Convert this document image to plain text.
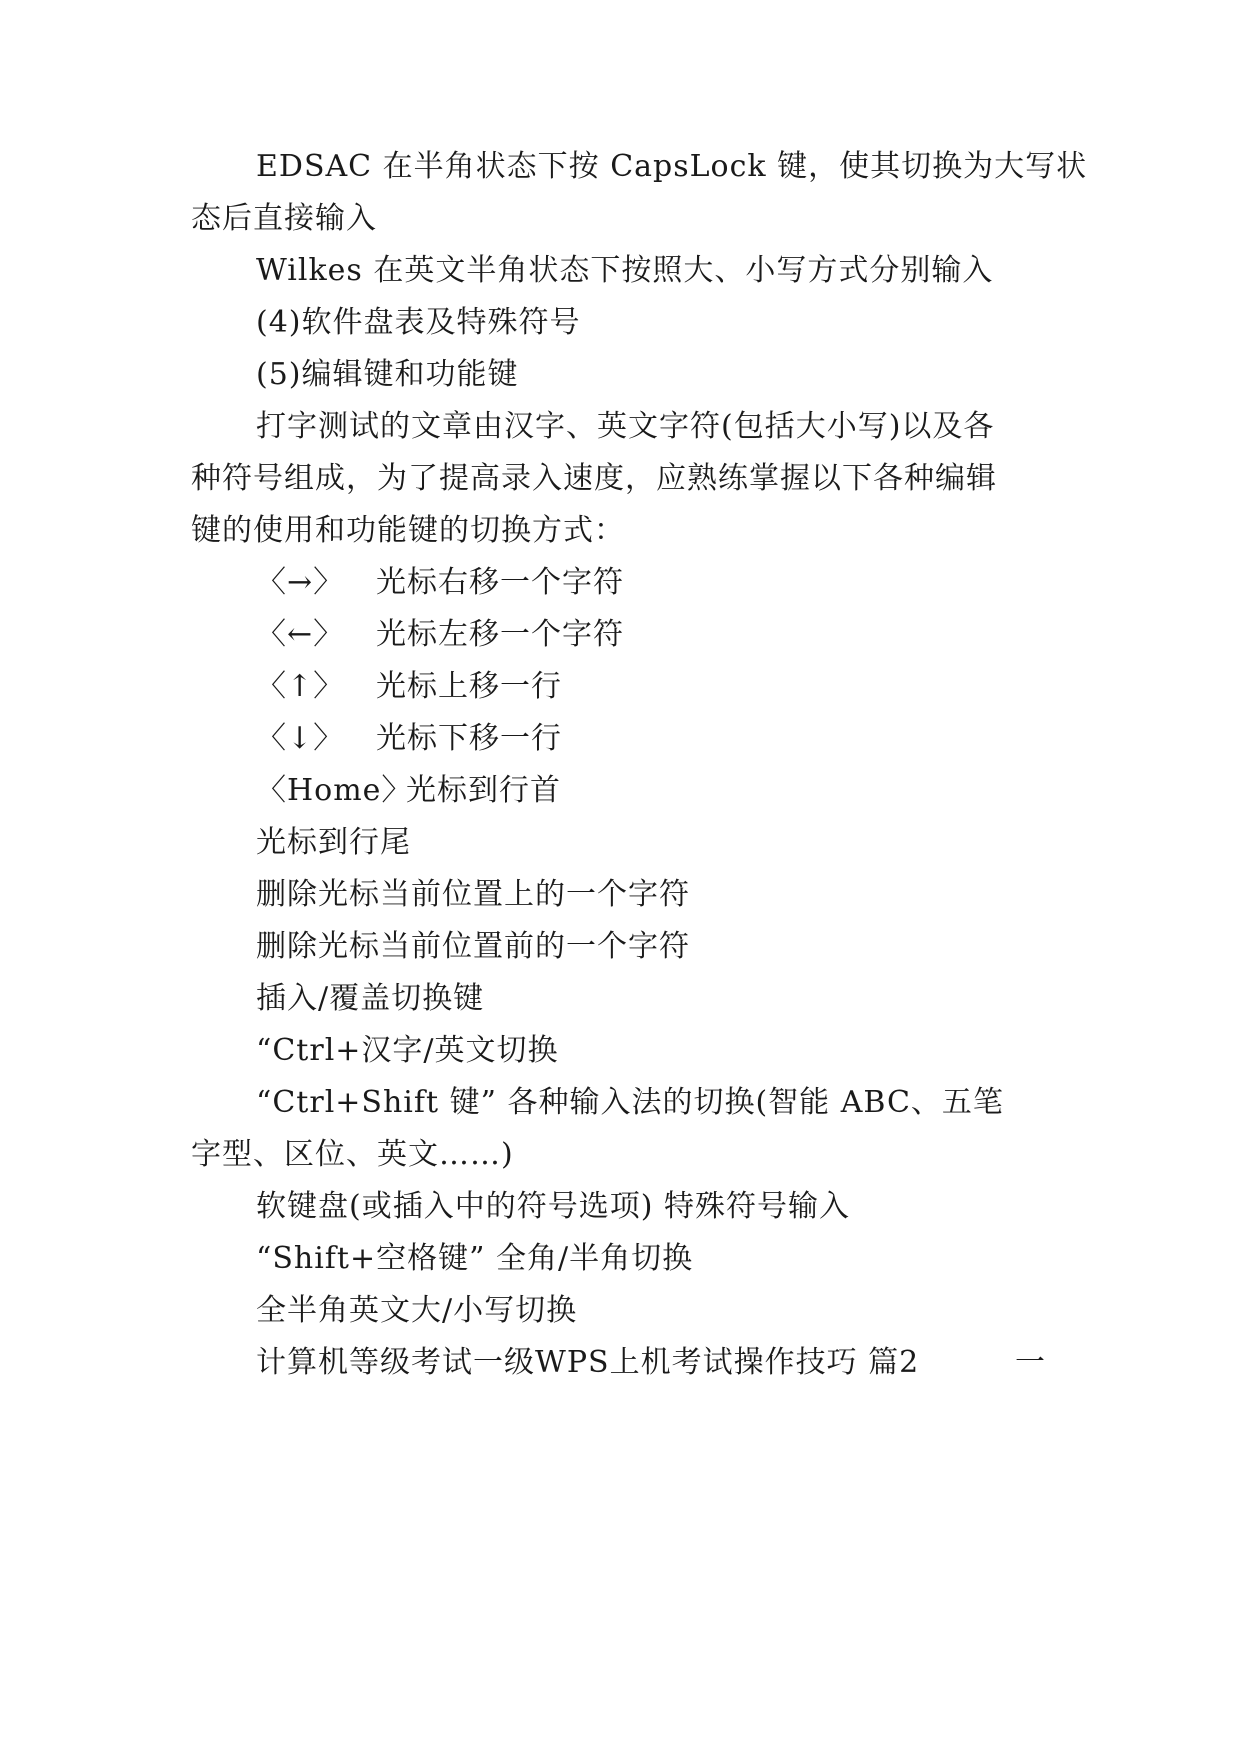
EDSAC 在半角状态下按 CapsLock 键，使其切换为大写状
态后直接输入
Wilkes 在英文半角状态下按照大、小写方式分别输入
(4)软件盘表及特殊符号
(5)编辑键和功能键
打字测试的文章由汉字、英文字符(包括大小写)以及各
种符号组成，为了提高录入速度，应熟练掌握以下各种编辑
键的使用和功能键的切换方式：
〈→〉 光标右移一个字符
〈←〉 光标左移一个字符
〈↑〉 光标上移一行
〈↓〉 光标下移一行
〈Home〉光标到行首
光标到行尾
删除光标当前位置上的一个字符
删除光标当前位置前的一个字符
插入/覆盖切换键
“Ctrl+汉字/英文切换
“Ctrl+Shift 键” 各种输入法的切换(智能 ABC、五笔
字型、区位、英文……)
软键盘(或插入中的符号选项) 特殊符号输入
“Shift+空格键” 全角/半角切换
全半角英文大/小写切换
计算机等级考试一级WPS上机考试操作技巧 篇2	一
